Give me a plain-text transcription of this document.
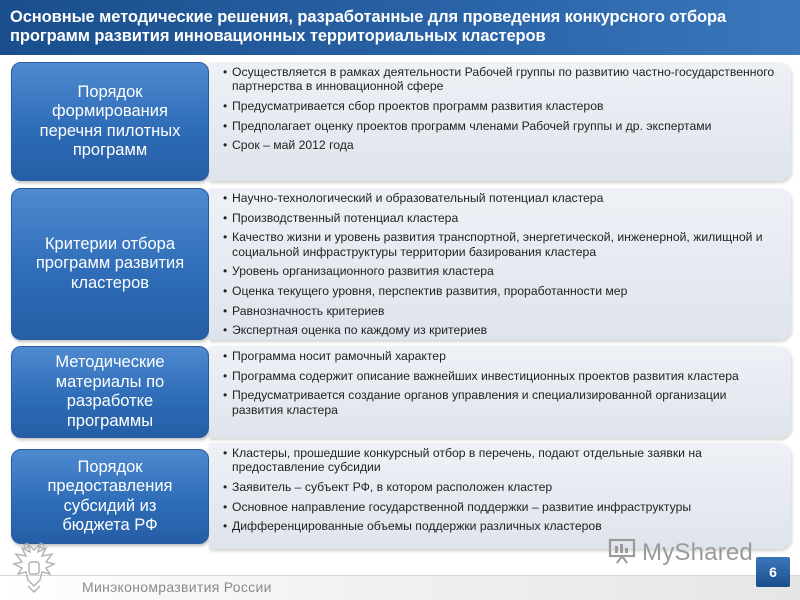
Основные методические решения, разработанные для проведения конкурсного отбора программ развития инновационных территориальных кластеров
Порядок
формирования
перечня пилотных
программ
• Осуществляется в рамках деятельности Рабочей группы по развитию частно-государственного партнерства в инновационной сфере
• Предусматривается сбор проектов программ развития кластеров
• Предполагает оценку проектов программ членами Рабочей группы и др. экспертами
• Срок – май 2012 года
Критерии отбора
программ развития
кластеров
• Научно-технологический и образовательный потенциал кластера
• Производственный потенциал кластера
• Качество жизни и уровень развития транспортной, энергетической, инженерной, жилищной и социальной инфраструктуры территории базирования кластера
• Уровень организационного развития кластера
• Оценка текущего уровня, перспектив развития, проработанности мер
• Равнозначность критериев
• Экспертная оценка по каждому из критериев
Методические
материалы по
разработке
программы
• Программа носит рамочный характер
• Программа содержит описание важнейших инвестиционных проектов развития кластера
• Предусматривается создание органов управления и специализированной организации развития кластера
Порядок
предоставления
субсидий из
бюджета РФ
• Кластеры, прошедшие конкурсный отбор в перечень, подают отдельные заявки на предоставление субсидии
• Заявитель – субъект РФ, в котором расположен кластер
• Основное направление государственной поддержки – развитие инфраструктуры
• Дифференцированные объемы поддержки различных кластеров
Минэкономразвития России
MyShared
6
